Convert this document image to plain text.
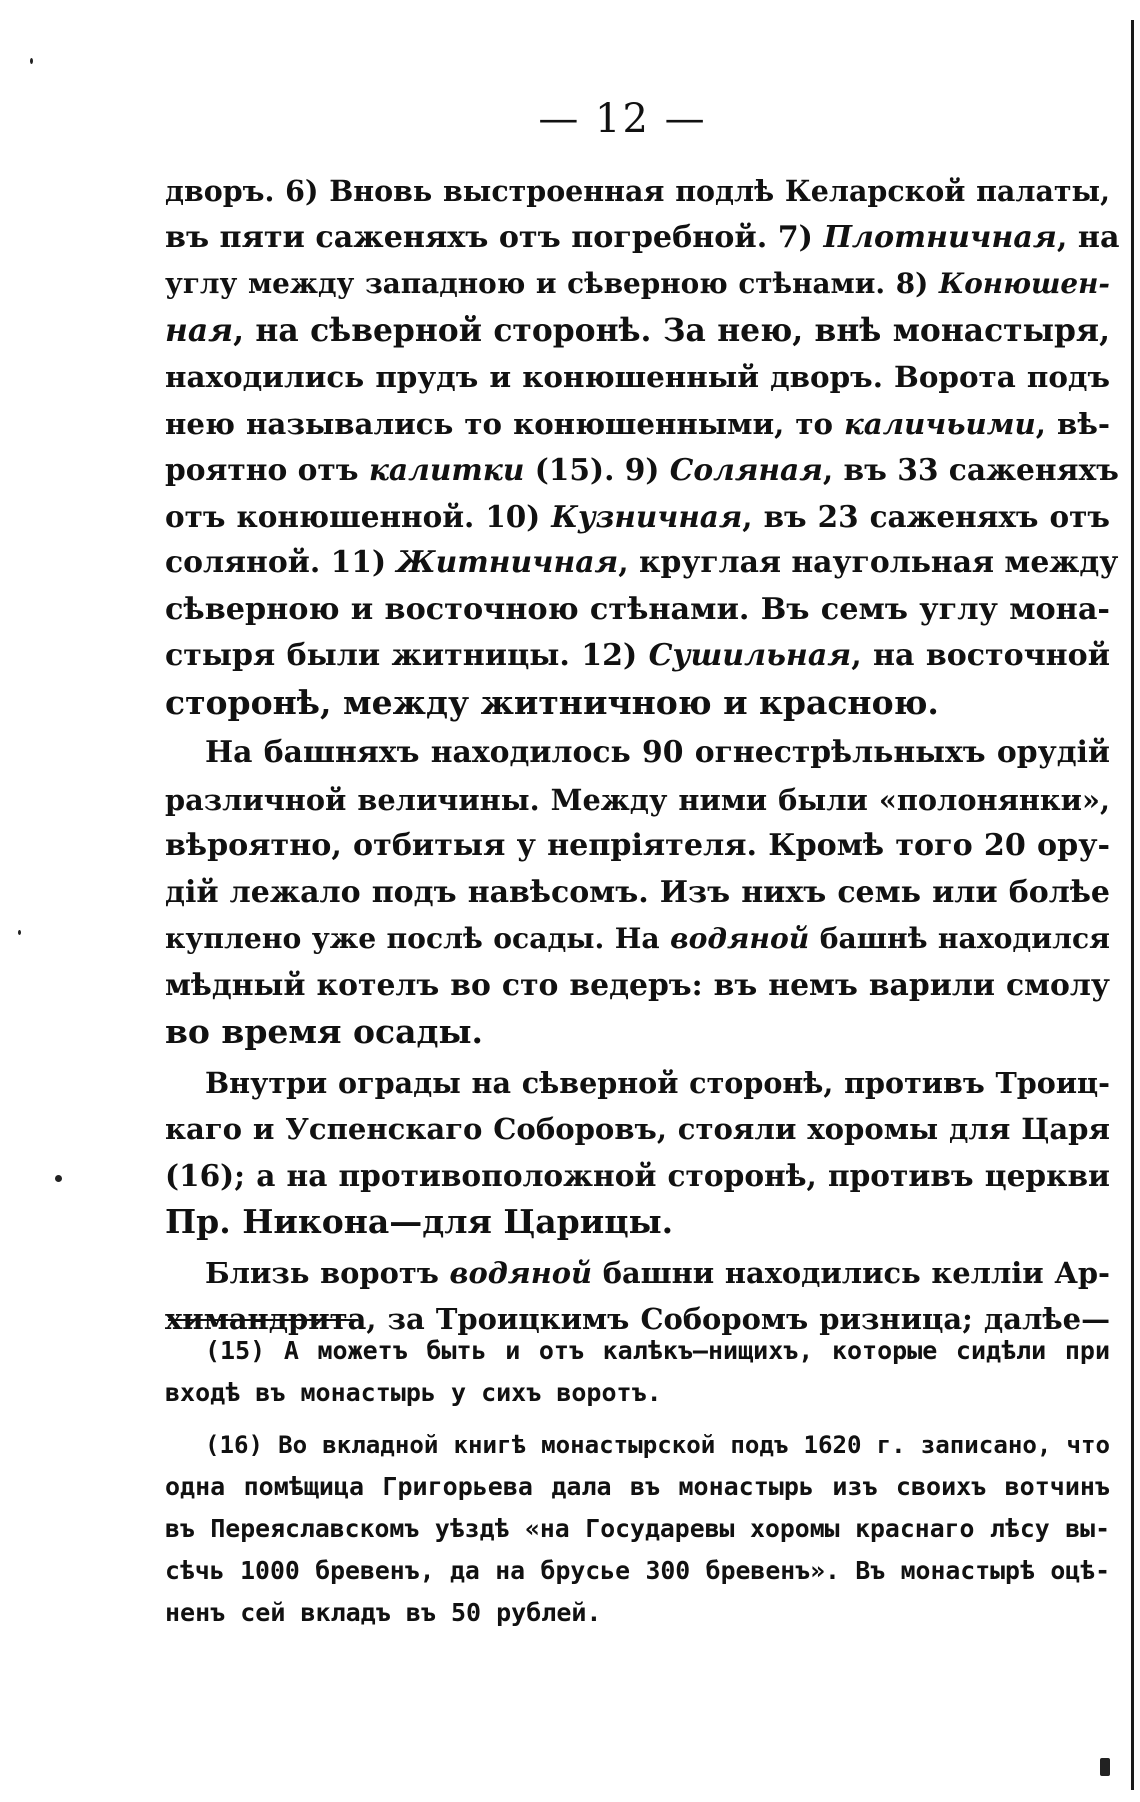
— 12 —
дворъ. 6) Вновь выстроенная подлѣ Келарской палаты,
въ пяти саженяхъ отъ погребной. 7) Плотничная, на
углу между западною и сѣверною стѣнами. 8) Конюшен-
ная, на сѣверной сторонѣ. За нею, внѣ монастыря,
находились прудъ и конюшенный дворъ. Ворота подъ
нею назывались то конюшенными, то каличьими, вѣ-
роятно отъ калитки (15). 9) Соляная, въ 33 саженяхъ
отъ конюшенной. 10) Кузничная, въ 23 саженяхъ отъ
соляной. 11) Житничная, круглая наугольная между
сѣверною и восточною стѣнами. Въ семъ углу мона-
стыря были житницы. 12) Сушильная, на восточной
сторонѣ, между житничною и красною.
На башняхъ находилось 90 огнестрѣльныхъ орудій
различной величины. Между ними были «полонянки»,
вѣроятно, отбитыя у непріятеля. Кромѣ того 20 ору-
дій лежало подъ навѣсомъ. Изъ нихъ семь или болѣе
куплено уже послѣ осады. На водяной башнѣ находился
мѣдный котелъ во сто ведеръ: въ немъ варили смолу
во время осады.
Внутри ограды на сѣверной сторонѣ, противъ Троиц-
каго и Успенскаго Соборовъ, стояли хоромы для Царя
(16); а на противоположной сторонѣ, противъ церкви
Пр. Никона—для Царицы.
Близь воротъ водяной башни находились келліи Ар-
химандрита, за Троицкимъ Соборомъ ризница; далѣе—
(15) А можетъ быть и отъ калѣкъ—нищихъ, которые сидѣли при
входѣ въ монастырь у сихъ воротъ.
(16) Во вкладной книгѣ монастырской подъ 1620 г. записано, что
одна помѣщица Григорьева дала въ монастырь изъ своихъ вотчинъ
въ Переяславскомъ уѣздѣ «на Государевы хоромы краснаго лѣсу вы-
сѣчь 1000 бревенъ, да на брусье 300 бревенъ». Въ монастырѣ оцѣ-
ненъ сей вкладъ въ 50 рублей.
